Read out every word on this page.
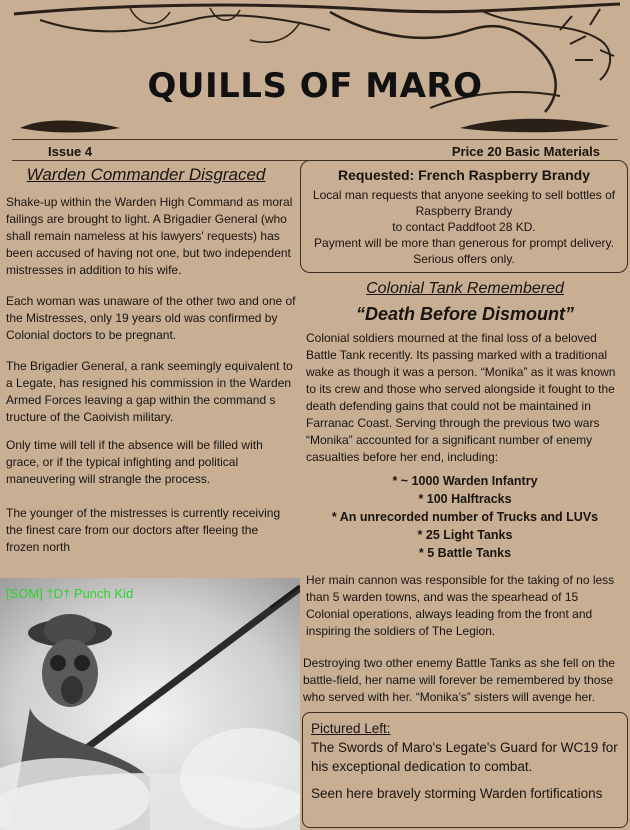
QUILLS OF MARO
Issue 4	Price 20 Basic Materials
Warden Commander Disgraced
Shake-up within the Warden High Command as moral failings are brought to light. A Brigadier General (who shall remain nameless at his lawyers' requests) has been accused of having not one, but two independent mistresses in addition to his wife.
Each woman was unaware of the other two and one of the Mistresses, only 19 years old was confirmed by Colonial doctors to be pregnant.
The Brigadier General, a rank seemingly equivalent to a Legate, has resigned his commission in the Warden Armed Forces leaving a gap within the command s tructure of the Caoivish military.
Only time will tell if the absence will be filled with grace, or if the typical infighting and political maneuvering will strangle the process.
The younger of the mistresses is currently receiving the finest care from our doctors after fleeing the frozen north
Requested: French Raspberry Brandy
Local man requests that anyone seeking to sell bottles of Raspberry Brandy
to contact Paddfoot 28 KD.
Payment will be more than generous for prompt delivery.
Serious offers only.
Colonial Tank Remembered
“Death Before Dismount”
Colonial soldiers mourned at the final loss of a beloved Battle Tank recently. Its passing marked with a traditional wake as though it was a person. “Monika” as it was known to its crew and those who served alongside it fought to the death defending gains that could not be maintained in Farranac Coast. Serving through the previous two wars “Monika” accounted for a significant number of enemy casualties before her end, including:
* ~ 1000 Warden Infantry
* 100 Halftracks
* An unrecorded number of Trucks and LUVs
* 25 Light Tanks
* 5 Battle Tanks
Her main cannon was responsible for the taking of no less than 5 warden towns, and was the spearhead of 15 Colonial operations, always leading from the front and inspiring the soldiers of The Legion.
Destroying two other enemy Battle Tanks as she fell on the battle-field, her name will forever be remembered by those who served with her. “Monika’s” sisters will avenge her.
[SOM] †D† Punch Kid
Pictured Left:
The Swords of Maro's Legate's Guard for WC19 for his exceptional dedication to combat.
Seen here bravely storming Warden fortifications
